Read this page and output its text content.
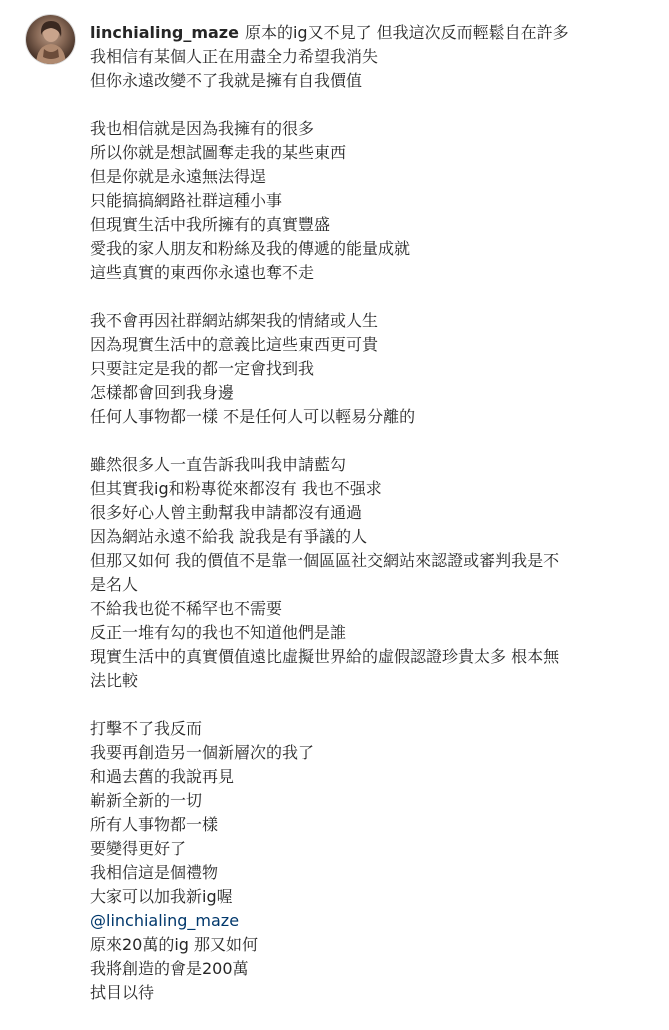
linchialing_maze 原本的ig又不見了 但我這次反而輕鬆自在許多
我相信有某個人正在用盡全力希望我消失
但你永遠改變不了我就是擁有自我價值
我也相信就是因為我擁有的很多
所以你就是想試圖奪走我的某些東西
但是你就是永遠無法得逞
只能搞搞網路社群這種小事
但現實生活中我所擁有的真實豐盛
愛我的家人朋友和粉絲及我的傳遞的能量成就
這些真實的東西你永遠也奪不走
我不會再因社群網站綁架我的情緒或人生
因為現實生活中的意義比這些東西更可貴
只要註定是我的都一定會找到我
怎樣都會回到我身邊
任何人事物都一樣 不是任何人可以輕易分離的
雖然很多人一直告訴我叫我申請藍勾
但其實我ig和粉專從來都沒有 我也不强求
很多好心人曾主動幫我申請都沒有通過
因為網站永遠不給我 說我是有爭議的人
但那又如何 我的價值不是靠一個區區社交網站來認證或審判我是不
是名人
不給我也從不稀罕也不需要
反正一堆有勾的我也不知道他們是誰
現實生活中的真實價值遠比虛擬世界給的虛假認證珍貴太多 根本無
法比較
打擊不了我反而
我要再創造另一個新層次的我了
和過去舊的我說再見
嶄新全新的一切
所有人事物都一樣
要變得更好了
我相信這是個禮物
大家可以加我新ig喔
@linchialing_maze
原來20萬的ig 那又如何
我將創造的會是200萬
拭目以待
